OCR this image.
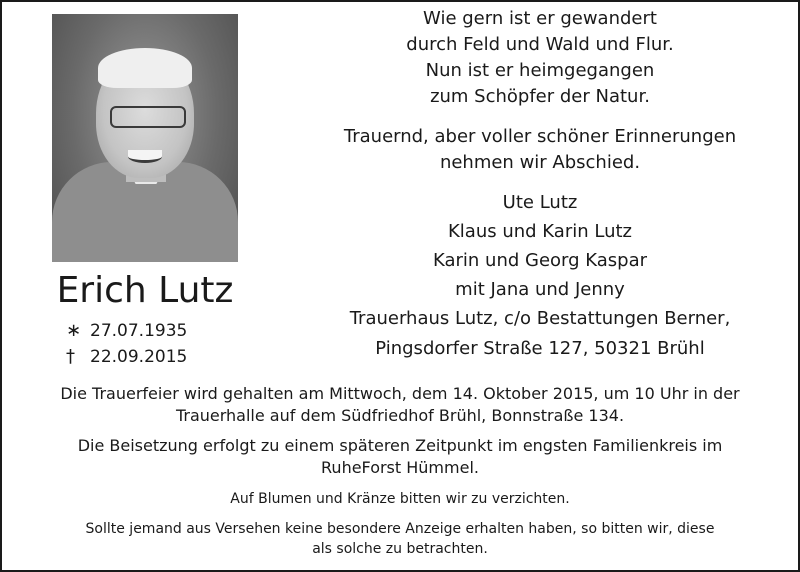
Erich Lutz
∗ 27.07.1935
† 22.09.2015
Wie gern ist er gewandert
durch Feld und Wald und Flur.
Nun ist er heimgegangen
zum Schöpfer der Natur.
Trauernd, aber voller schöner Erinnerungen
nehmen wir Abschied.
Ute Lutz
Klaus und Karin Lutz
Karin und Georg Kaspar
mit Jana und Jenny
Trauerhaus Lutz, c/o Bestattungen Berner,
Pingsdorfer Straße 127, 50321 Brühl
Die Trauerfeier wird gehalten am Mittwoch, dem 14. Oktober 2015, um 10 Uhr in der
Trauerhalle auf dem Südfriedhof Brühl, Bonnstraße 134.
Die Beisetzung erfolgt zu einem späteren Zeitpunkt im engsten Familienkreis im
RuheForst Hümmel.
Auf Blumen und Kränze bitten wir zu verzichten.
Sollte jemand aus Versehen keine besondere Anzeige erhalten haben, so bitten wir, diese
als solche zu betrachten.
